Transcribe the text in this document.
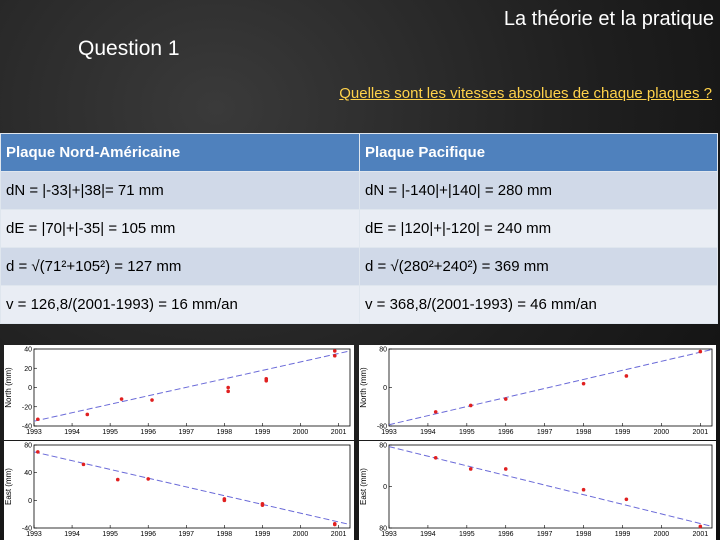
La théorie et la pratique
Question 1
Quelles sont les vitesses absolues de chaque plaques ?
Plaque Nord-Américaine	Plaque Pacifique
dN = |-33|+|38|= 71 mm	dN = |-140|+|140| = 280 mm
dE = |70|+|-35| = 105 mm	dE = |120|+|-120| = 240 mm
d = √(71²+105²) = 127 mm	d = √(280²+240²) = 369 mm
v = 126,8/(2001-1993) = 16 mm/an	v = 368,8/(2001-1993) = 46 mm/an
1993	1994	1995	1996	1997	1998	1999	2000	2001
40
20
0
-20
-40
North (mm)
1993	1994	1995	1996	1997	1998	1999	2000	2001
80
40
0
-40
East (mm)
1993	1994	1995	1996	1997	1998	1999	2000	2001
80
0
-80
North (mm)
1993	1994	1995	1996	1997	1998	1999	2000	2001
80
0
80
East (mm)
